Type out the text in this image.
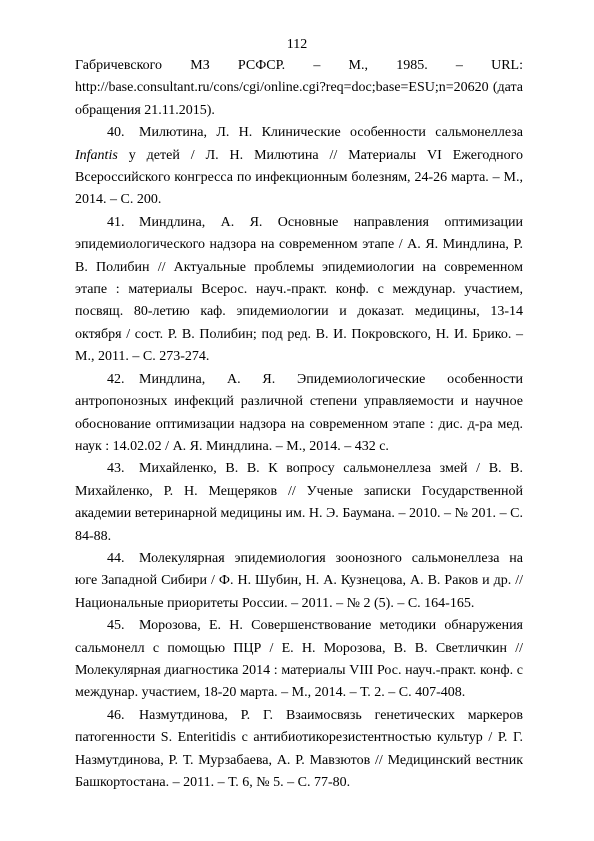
112

Габричевского МЗ РСФСР. – М., 1985. – URL:

http://base.consultant.ru/cons/cgi/online.cgi?req=doc;base=ESU;n=20620 (дата

обращения 21.11.2015).

40. Милютина, Л. Н. Клинические особенности сальмонеллеза Infantis у детей / Л. Н. Милютина // Материалы VI Ежегодного Всероссийского конгресса по инфекционным болезням, 24-26 марта. – М., 2014. – С. 200.

41. Миндлина, А. Я. Основные направления оптимизации эпидемиологического надзора на современном этапе / А. Я. Миндлина, Р. В. Полибин // Актуальные проблемы эпидемиологии на современном этапе : материалы Всерос. науч.-практ. конф. с междунар. участием, посвящ. 80-летию каф. эпидемиологии и доказат. медицины, 13-14 октября / сост. Р. В. Полибин; под ред. В. И. Покровского, Н. И. Брико. – М., 2011. – С. 273-274.

42. Миндлина, А. Я. Эпидемиологические особенности антропонозных инфекций различной степени управляемости и научное обоснование оптимизации надзора на современном этапе : дис. д-ра мед. наук : 14.02.02 / А. Я. Миндлина. – М., 2014. – 432 с.

43. Михайленко, В. В. К вопросу сальмонеллеза змей / В. В. Михайленко, Р. Н. Мещеряков // Ученые записки Государственной академии ветеринарной медицины им. Н. Э. Баумана. – 2010. – № 201. – С. 84-88.

44. Молекулярная эпидемиология зоонозного сальмонеллеза на юге Западной Сибири / Ф. Н. Шубин, Н. А. Кузнецова, А. В. Раков и др. // Национальные приоритеты России. – 2011. – № 2 (5). – С. 164-165.

45. Морозова, Е. Н. Совершенствование методики обнаружения сальмонелл с помощью ПЦР / Е. Н. Морозова, В. В. Светличкин // Молекулярная диагностика 2014 : материалы VIII Рос. науч.-практ. конф. с междунар. участием, 18-20 марта. – М., 2014. – Т. 2. – С. 407-408.

46. Назмутдинова, Р. Г. Взаимосвязь генетических маркеров патогенности S. Enteritidis с антибиотикорезистентностью культур / Р. Г. Назмутдинова, Р. Т. Мурзабаева, А. Р. Мавзютов // Медицинский вестник Башкортостана. – 2011. – Т. 6, № 5. – С. 77-80.
